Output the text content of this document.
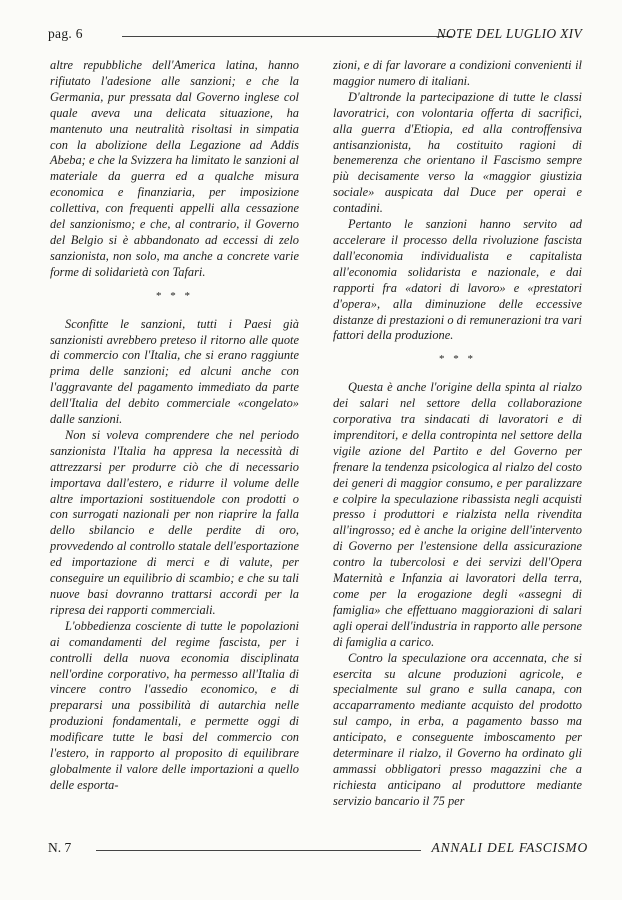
pag. 6	NOTE DEL LUGLIO XIV

altre repubbliche dell'America latina, hanno rifiutato l'adesione alle sanzioni; e che la Germania, pur pressata dal Governo inglese col quale aveva una delicata situazione, ha mantenuto una neutralità risoltasi in simpatia con la abolizione della Legazione ad Addis Abeba; e che la Svizzera ha limitato le sanzioni al materiale da guerra ed a qualche misura economica e finanziaria, per imposizione collettiva, con frequenti appelli alla cessazione del sanzionismo; e che, al contrario, il Governo del Belgio si è abbandonato ad eccessi di zelo sanzionista, non solo, ma anche a concrete varie forme di solidarietà con Tafari.

* * *

Sconfitte le sanzioni, tutti i Paesi già sanzionisti avrebbero preteso il ritorno alle quote di commercio con l'Italia, che si erano raggiunte prima delle sanzioni; ed alcuni anche con l'aggravante del pagamento immediato da parte dell'Italia del debito commerciale «congelato» dalle sanzioni.

Non si voleva comprendere che nel periodo sanzionista l'Italia ha appresa la necessità di attrezzarsi per produrre ciò che di necessario importava dall'estero, e ridurre il volume delle altre importazioni sostituendole con prodotti o con surrogati nazionali per non riaprire la falla dello sbilancio e delle perdite di oro, provvedendo al controllo statale dell'esportazione ed importazione di merci e di valute, per conseguire un equilibrio di scambio; e che su tali nuove basi dovranno trattarsi accordi per la ripresa dei rapporti commerciali.

L'obbedienza cosciente di tutte le popolazioni ai comandamenti del regime fascista, per i controlli della nuova economia disciplinata nell'ordine corporativo, ha permesso all'Italia di vincere contro l'assedio economico, e di prepararsi una possibilità di autarchia nelle produzioni fondamentali, e permette oggi di modificare tutte le basi del commercio con l'estero, in rapporto al proposito di equilibrare globalmente il valore delle importazioni a quello delle esporta-

zioni, e di far lavorare a condizioni convenienti il maggior numero di italiani.

D'altronde la partecipazione di tutte le classi lavoratrici, con volontaria offerta di sacrifici, alla guerra d'Etiopia, ed alla controffensiva antisanzionista, ha costituito ragioni di benemerenza che orientano il Fascismo sempre più decisamente verso la «maggior giustizia sociale» auspicata dal Duce per operai e contadini.

Pertanto le sanzioni hanno servito ad accelerare il processo della rivoluzione fascista dall'economia individualista e capitalista all'economia solidarista e nazionale, e dai rapporti fra «datori di lavoro» e «prestatori d'opera», alla diminuzione delle eccessive distanze di prestazioni o di remunerazioni tra vari fattori della produzione.

* * *

Questa è anche l'origine della spinta al rialzo dei salari nel settore della collaborazione corporativa tra sindacati di lavoratori e di imprenditori, e della contropinta nel settore della vigile azione del Partito e del Governo per frenare la tendenza psicologica al rialzo del costo dei generi di maggior consumo, e per paralizzare e colpire la speculazione ribassista negli acquisti presso i produttori e rialzista nella rivendita all'ingrosso; ed è anche la origine dell'intervento di Governo per l'estensione della assicurazione contro la tubercolosi e dei servizi dell'Opera Maternità e Infanzia ai lavoratori della terra, come per la erogazione degli «assegni di famiglia» che effettuano maggiorazioni di salari agli operai dell'industria in rapporto alle persone di famiglia a carico.

Contro la speculazione ora accennata, che si esercita su alcune produzioni agricole, e specialmente sul grano e sulla canapa, con accaparramento mediante acquisto del prodotto sul campo, in erba, a pagamento basso ma anticipato, e conseguente imboscamento per determinare il rialzo, il Governo ha ordinato gli ammassi obbligatori presso magazzini che a richiesta anticipano al produttore mediante servizio bancario il 75 per

N. 7	ANNALI DEL FASCISMO
